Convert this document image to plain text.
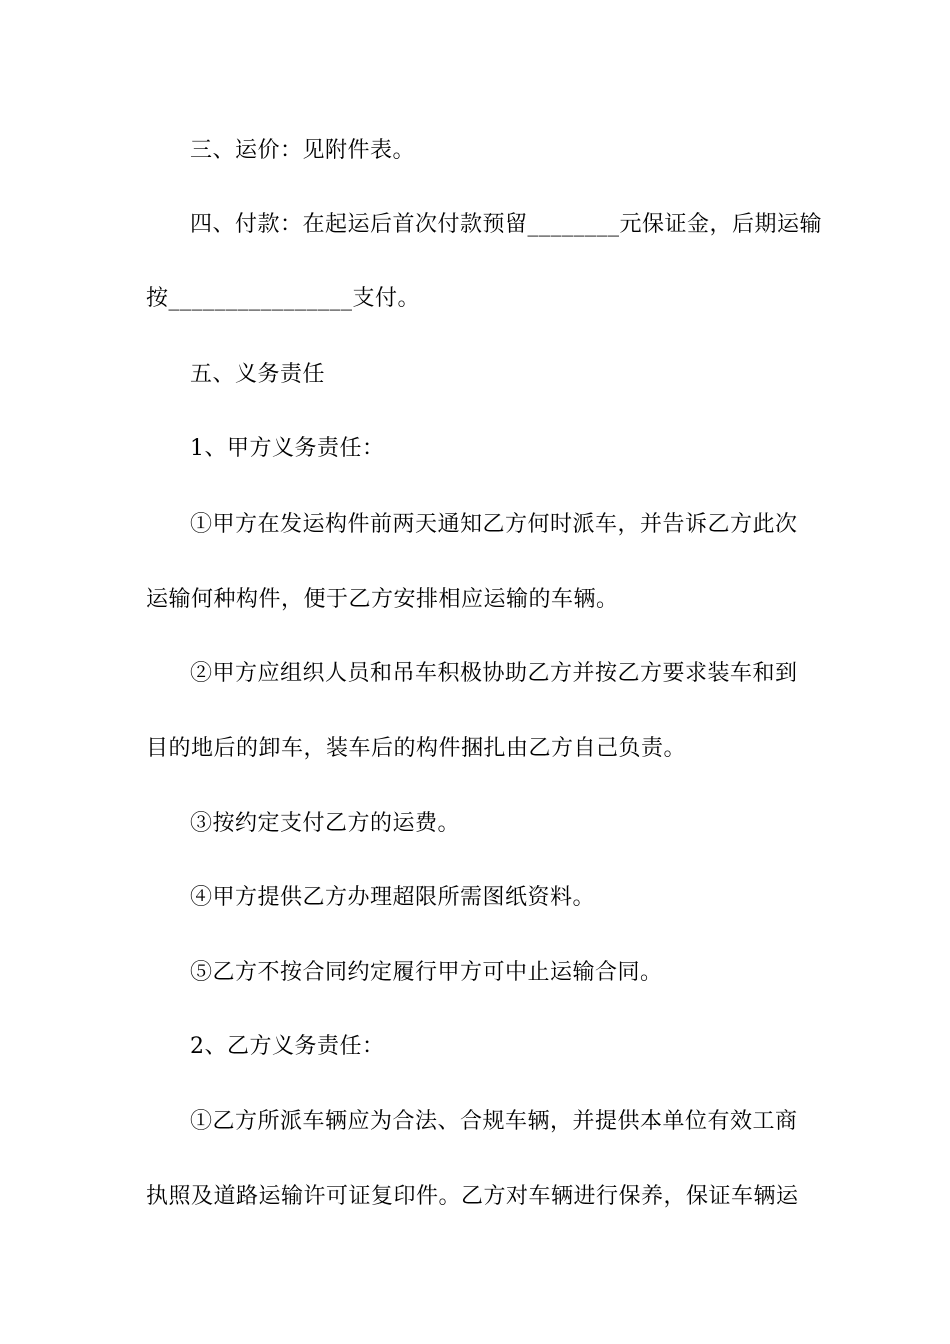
三、运价：见附件表。
四、付款：在起运后首次付款预留________元保证金，后期运输
按________________支付。
五、义务责任
1、甲方义务责任：
①甲方在发运构件前两天通知乙方何时派车，并告诉乙方此次
运输何种构件，便于乙方安排相应运输的车辆。
②甲方应组织人员和吊车积极协助乙方并按乙方要求装车和到
目的地后的卸车，装车后的构件捆扎由乙方自己负责。
③按约定支付乙方的运费。
④甲方提供乙方办理超限所需图纸资料。
⑤乙方不按合同约定履行甲方可中止运输合同。
2、乙方义务责任：
①乙方所派车辆应为合法、合规车辆，并提供本单位有效工商
执照及道路运输许可证复印件。乙方对车辆进行保养，保证车辆运
